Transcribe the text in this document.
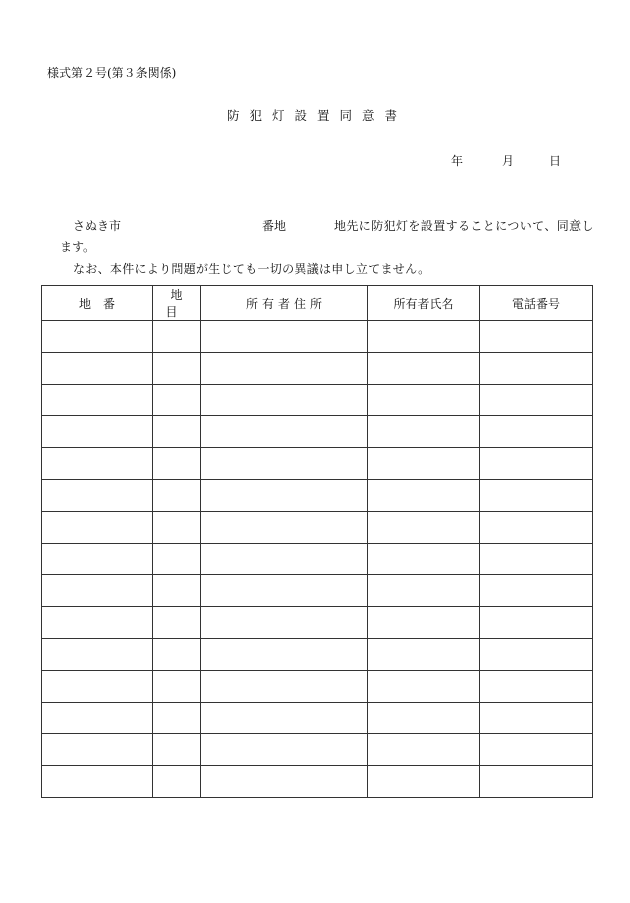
様式第２号(第３条関係)
防犯灯設置同意書
年	月	日
さぬき市	番地	地先に防犯灯を設置することについて、同意し
ます。
なお、本件により問題が生じても一切の異議は申し立てません。
地番	地目	所有者住所	所有者氏名	電話番号
